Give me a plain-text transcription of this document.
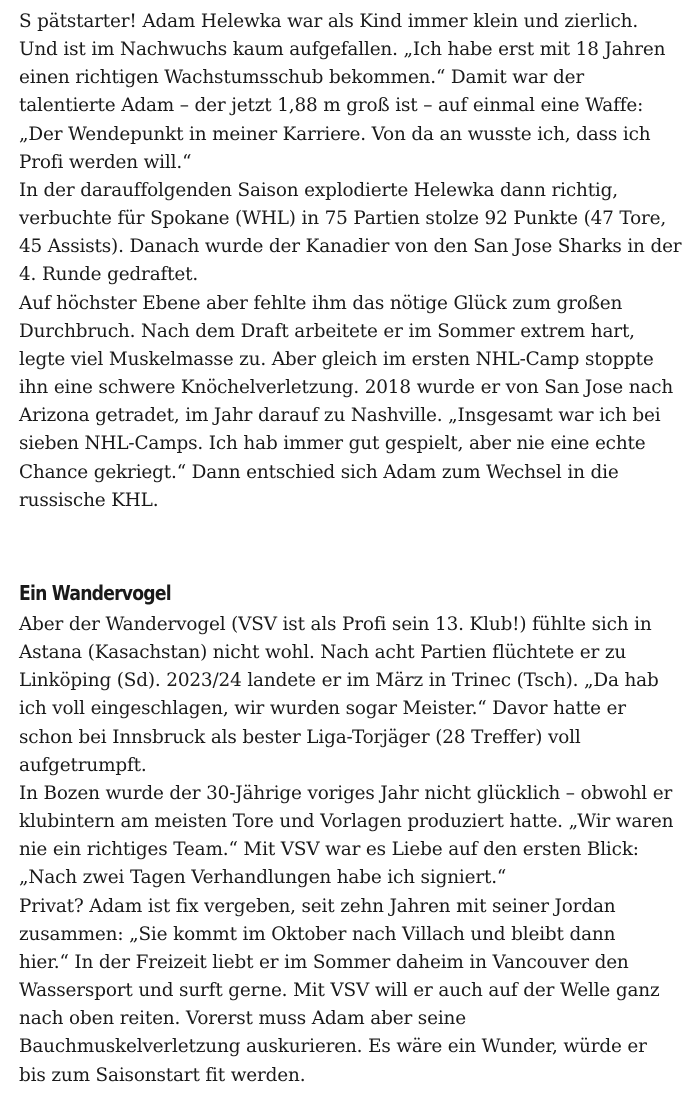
S pätstarter! Adam Helewka war als Kind immer klein und zierlich.
Und ist im Nachwuchs kaum aufgefallen. „Ich habe erst mit 18 Jahren
einen richtigen Wachstumsschub bekommen.“ Damit war der
talentierte Adam – der jetzt 1,88 m groß ist – auf einmal eine Waffe:
„Der Wendepunkt in meiner Karriere. Von da an wusste ich, dass ich
Profi werden will.“

In der darauffolgenden Saison explodierte Helewka dann richtig,
verbuchte für Spokane (WHL) in 75 Partien stolze 92 Punkte (47 Tore,
45 Assists). Danach wurde der Kanadier von den San Jose Sharks in der
4. Runde gedraftet.

Auf höchster Ebene aber fehlte ihm das nötige Glück zum großen
Durchbruch. Nach dem Draft arbeitete er im Sommer extrem hart,
legte viel Muskelmasse zu. Aber gleich im ersten NHL-Camp stoppte
ihn eine schwere Knöchelverletzung. 2018 wurde er von San Jose nach
Arizona getradet, im Jahr darauf zu Nashville. „Insgesamt war ich bei
sieben NHL-Camps. Ich hab immer gut gespielt, aber nie eine echte
Chance gekriegt.“ Dann entschied sich Adam zum Wechsel in die
russische KHL.

Ein Wandervogel

Aber der Wandervogel (VSV ist als Profi sein 13. Klub!) fühlte sich in
Astana (Kasachstan) nicht wohl. Nach acht Partien flüchtete er zu
Linköping (Sd). 2023/24 landete er im März in Trinec (Tsch). „Da hab
ich voll eingeschlagen, wir wurden sogar Meister.“ Davor hatte er
schon bei Innsbruck als bester Liga-Torjäger (28 Treffer) voll
aufgetrumpft.

In Bozen wurde der 30-Jährige voriges Jahr nicht glücklich – obwohl er
klubintern am meisten Tore und Vorlagen produziert hatte. „Wir waren
nie ein richtiges Team.“ Mit VSV war es Liebe auf den ersten Blick:
„Nach zwei Tagen Verhandlungen habe ich signiert.“

Privat? Adam ist fix vergeben, seit zehn Jahren mit seiner Jordan
zusammen: „Sie kommt im Oktober nach Villach und bleibt dann
hier.“ In der Freizeit liebt er im Sommer daheim in Vancouver den
Wassersport und surft gerne. Mit VSV will er auch auf der Welle ganz
nach oben reiten. Vorerst muss Adam aber seine
Bauchmuskelverletzung auskurieren. Es wäre ein Wunder, würde er
bis zum Saisonstart fit werden.
